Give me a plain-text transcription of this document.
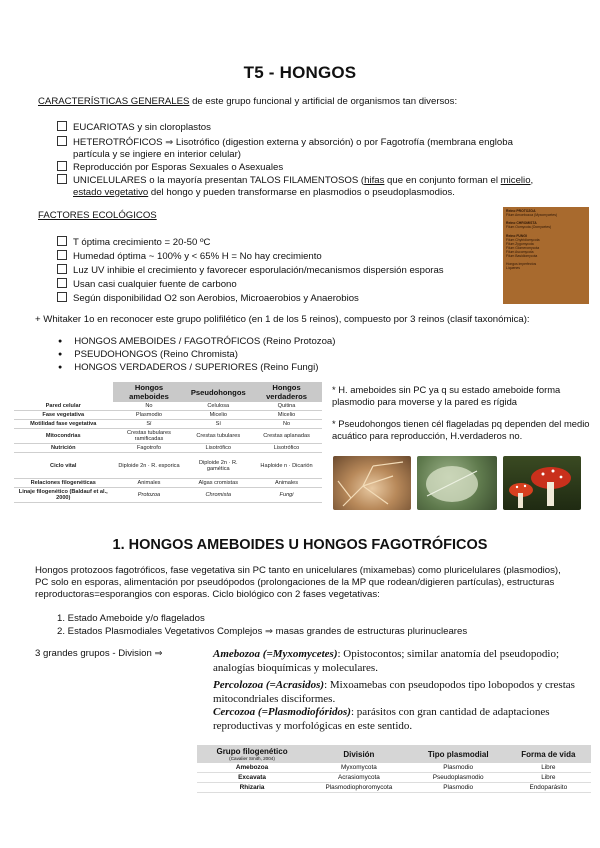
T5 - HONGOS
CARACTERÍSTICAS GENERALES de este grupo funcional y artificial de organismos tan diversos:
EUCARIOTAS y sin cloroplastos
HETEROTRÓFICOS ⇒ Lisotrófico (digestion externa y absorción) o por Fagotrofía (membrana engloba
partícula y se ingiere en interior celular)
Reproducción por Esporas Sexuales o Asexuales
UNICELULARES o la mayoría presentan TALOS FILAMENTOSOS (hifas que en conjunto forman el micelio,
estado vegetativo del hongo y pueden transformarse en plasmodios o pseudoplasmodios.
FACTORES ECOLÓGICOS
T óptima crecimiento = 20-50 ºC
Humedad óptima ~ 100% y < 65% H = No hay crecimiento
Luz UV inhibie el crecimiento y favorecer esporulación/mecanismos dispersión esporas
Usan casi cualquier fuente de carbono
Según disponibilidad O2 son Aerobios, Microaerobios y Anaerobios
Reino PROTOZOA
Filum Amoebozoa (Myxomycetes)

Reino CHROMISTA
Filum Oomycota (Oomycetes)

Reino FUNGI
Filum Chytridiomycota
Filum Zygomycota
Filum Glomeromycota
Filum Ascomycota
Filum Basidiomycota

Hongos imperfectos
Líquenes
+ Whitaker 1o en reconocer este grupo polifilético (en 1 de los 5 reinos), compuesto por 3 reinos (clasif taxonómica):
● HONGOS AMEBOIDES / FAGOTRÓFICOS (Reino Protozoa)
● PSEUDOHONGOS (Reino Chromista)
● HONGOS VERDADEROS / SUPERIORES (Reino Fungi)
	Hongos ameboides	Pseudohongos	Hongos verdaderos
Pared celular	No	Celulosa	Quitina
Fase vegetativa	Plasmodio	Micelio	Micelio
Motilidad fase vegetativa	Sí	Sí	No
Mitocondrias	Crestas tubulares ramificadas	Crestas tubulares	Crestas aplanadas
Nutrición	Fagotrofo	Lisotrófico	Lisotrófico
Ciclo vital	Diploide 2n · R. esporica	Diploide 2n · R. gamética	Haploide n · Dicarión
Relaciones filogenéticas	Animales	Algas cromistas	Animales
Linaje filogenético (Baldauf et al., 2000)	Protozoa	Chromista	Fungi
* H. ameboides sin PC ya q su estado ameboide forma plasmodio para moverse y la pared es rígida
* Pseudohongos tienen cél flageladas pq dependen del medio acuático para reproducción, H.verdaderos no.
1. HONGOS AMEBOIDES U HONGOS FAGOTRÓFICOS
Hongos protozoos fagotróficos, fase vegetativa sin PC tanto en unicelulares (mixamebas) como pluricelulares (plasmodios), PC solo en esporas, alimentación por pseudópodos (prolongaciones de la MP que rodean/digieren partículas), estructuras reproductoras=esporangios con esporas. Ciclo biológico con 2 fases vegetativas:
1. Estado Ameboide y/o flagelados
2. Estados Plasmodiales Vegetativos Complejos ⇒ masas grandes de estructuras plurinucleares
3 grandes grupos - Division ⇒	Amebozoa (=Myxomycetes): Opistocontos; similar anatomía del pseudopodio; analogías bioquímicas y moleculares.
Percolozoa (=Acrasidos): Mixoamebas con pseudopodos tipo lobopodos y crestas mitocondriales disciformes.
Cercozoa (=Plasmodiofóridos): parásitos con gran cantidad de adaptaciones reproductivas y morfológicas en este sentido.
Grupo filogenético
(Cavalier Smith, 2004)	División	Tipo plasmodial	Forma de vida
Amebozoa	Myxomycota	Plasmodio	Libre
Excavata	Acrasiomycota	Pseudoplasmodio	Libre
Rhizaria	Plasmodiophoromycota	Plasmodio	Endoparásito
